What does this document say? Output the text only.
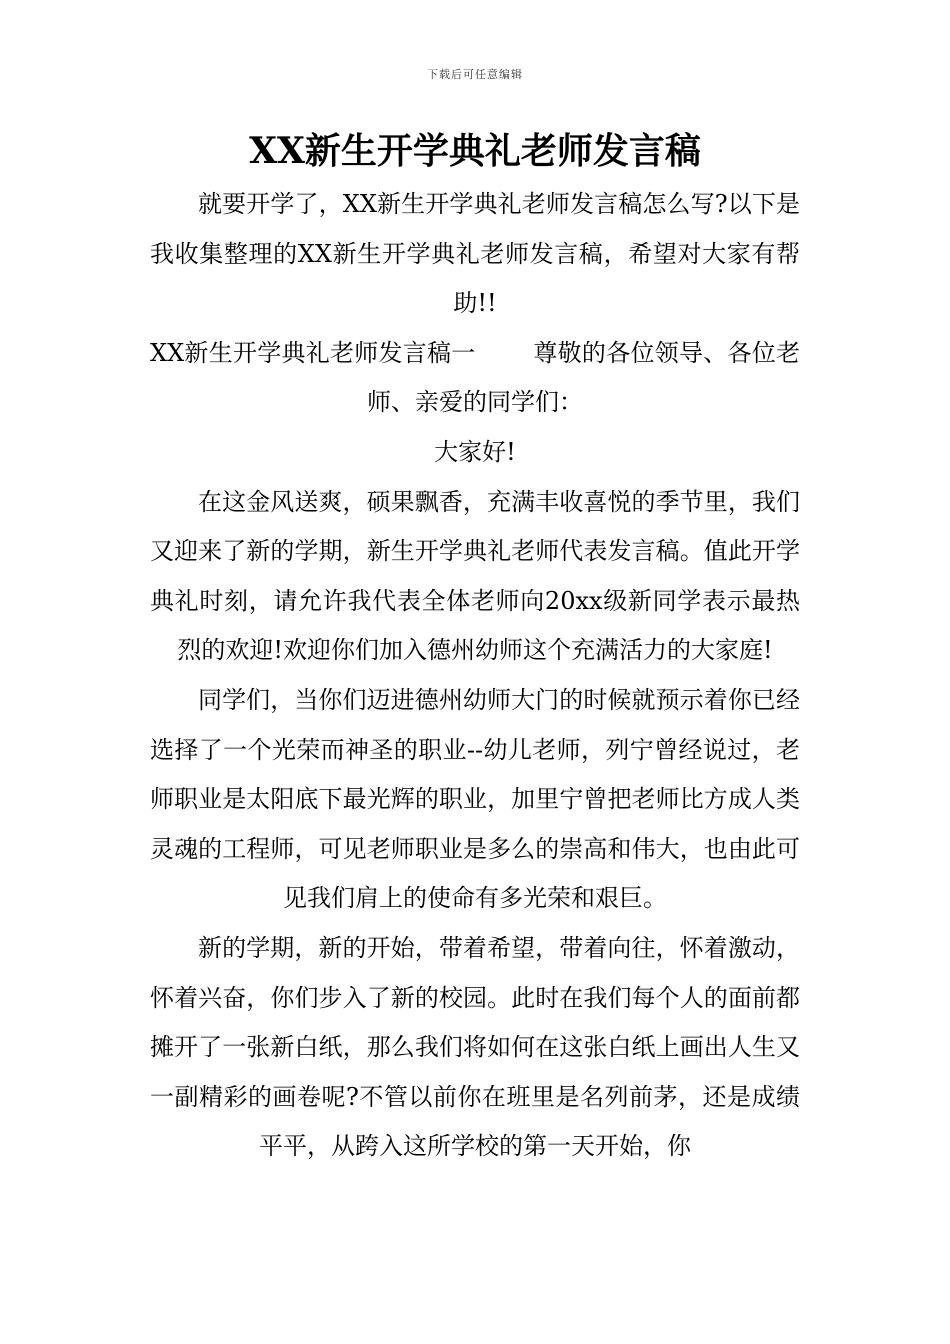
下载后可任意编辑
XX新生开学典礼老师发言稿

就要开学了，XX新生开学典礼老师发言稿怎么写?以下是我收集整理的XX新生开学典礼老师发言稿，希望对大家有帮助!!

XX新生开学典礼老师发言稿一 尊敬的各位领导、各位老师、亲爱的同学们：

大家好!

在这金风送爽，硕果飘香，充满丰收喜悦的季节里，我们又迎来了新的学期，新生开学典礼老师代表发言稿。值此开学典礼时刻，请允许我代表全体老师向20xx级新同学表示最热烈的欢迎!欢迎你们加入德州幼师这个充满活力的大家庭!

同学们，当你们迈进德州幼师大门的时候就预示着你已经选择了一个光荣而神圣的职业--幼儿老师，列宁曾经说过，老师职业是太阳底下最光辉的职业，加里宁曾把老师比方成人类灵魂的工程师，可见老师职业是多么的崇高和伟大，也由此可见我们肩上的使命有多光荣和艰巨。

新的学期，新的开始，带着希望，带着向往，怀着激动，怀着兴奋，你们步入了新的校园。此时在我们每个人的面前都摊开了一张新白纸，那么我们将如何在这张白纸上画出人生又一副精彩的画卷呢?不管以前你在班里是名列前茅，还是成绩平平，从跨入这所学校的第一天开始，你
